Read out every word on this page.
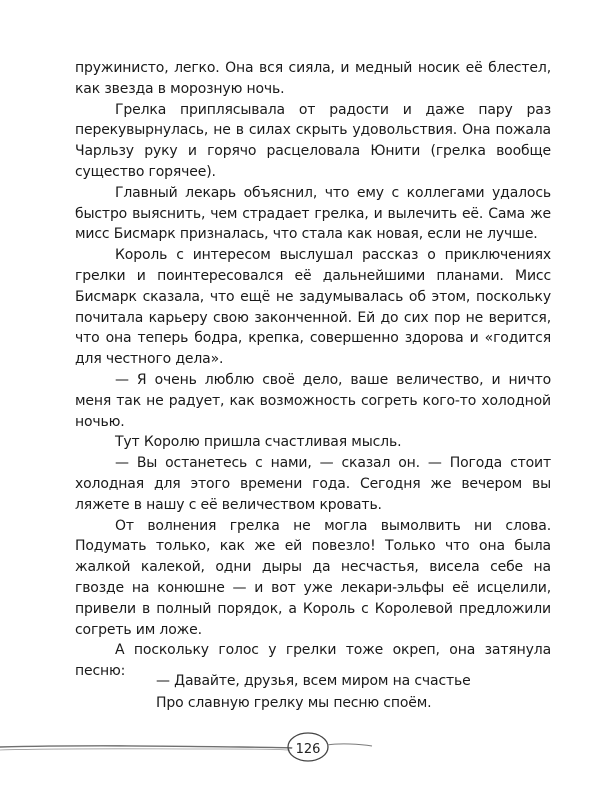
пружинисто, легко. Она вся сияла, и медный носик её блестел, как звезда в морозную ночь.

Грелка приплясывала от радости и даже пару раз перекувырнулась, не в силах скрыть удовольствия. Она пожала Чарльзу руку и горячо расцеловала Юнити (грелка вообще существо горячее).

Главный лекарь объяснил, что ему с коллегами удалось быстро выяснить, чем страдает грелка, и вылечить её. Сама же мисс Бисмарк призналась, что стала как новая, если не лучше.

Король с интересом выслушал рассказ о приключениях грелки и поинтересовался её дальнейшими планами. Мисс Бисмарк сказала, что ещё не задумывалась об этом, поскольку почитала карьеру свою законченной. Ей до сих пор не верится, что она теперь бодра, крепка, совершенно здорова и «годится для честного дела».

— Я очень люблю своё дело, ваше величество, и ничто меня так не радует, как возможность согреть кого-то холодной ночью.

Тут Королю пришла счастливая мысль.

— Вы останетесь с нами, — сказал он. — Погода стоит холодная для этого времени года. Сегодня же вечером вы ляжете в нашу с её величеством кровать.

От волнения грелка не могла вымолвить ни слова. Подумать только, как же ей повезло! Только что она была жалкой калекой, одни дыры да несчастья, висела себе на гвозде на конюшне — и вот уже лекари-эльфы её исцелили, привели в полный порядок, а Король с Королевой предложили согреть им ложе.

А поскольку голос у грелки тоже окреп, она затянула песню:

— Давайте, друзья, всем миром на счастье
Про славную грелку мы песню споём.
126
